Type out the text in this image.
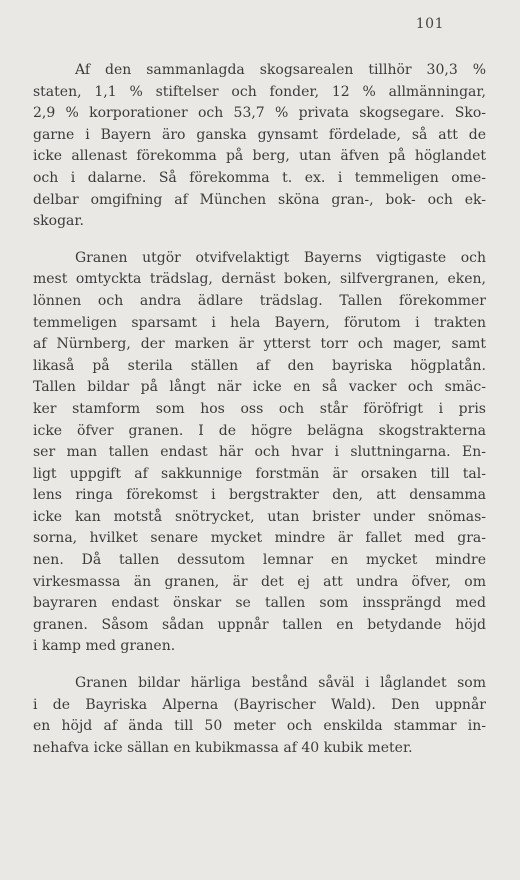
101
Af den sammanlagda skogsarealen tillhör 30,3 %
staten, 1,1 % stiftelser och fonder, 12 % allmänningar,
2,9 % korporationer och 53,7 % privata skogsegare. Sko-
garne i Bayern äro ganska gynsamt fördelade, så att de
icke allenast förekomma på berg, utan äfven på höglandet
och i dalarne. Så förekomma t. ex. i temmeligen ome-
delbar omgifning af München sköna gran-, bok- och ek-
skogar.
Granen utgör otvifvelaktigt Bayerns vigtigaste och
mest omtyckta trädslag, dernäst boken, silfvergranen, eken,
lönnen och andra ädlare trädslag. Tallen förekommer
temmeligen sparsamt i hela Bayern, förutom i trakten
af Nürnberg, der marken är ytterst torr och mager, samt
likaså på sterila ställen af den bayriska högplatån.
Tallen bildar på långt när icke en så vacker och smäc-
ker stamform som hos oss och står föröfrigt i pris
icke öfver granen. I de högre belägna skogstrakterna
ser man tallen endast här och hvar i sluttningarna. En-
ligt uppgift af sakkunnige forstmän är orsaken till tal-
lens ringa förekomst i bergstrakter den, att densamma
icke kan motstå snötrycket, utan brister under snömas-
sorna, hvilket senare mycket mindre är fallet med gra-
nen. Då tallen dessutom lemnar en mycket mindre
virkesmassa än granen, är det ej att undra öfver, om
bayraren endast önskar se tallen som inssprängd med
granen. Såsom sådan uppnår tallen en betydande höjd
i kamp med granen.
Granen bildar härliga bestånd såväl i låglandet som
i de Bayriska Alperna (Bayrischer Wald). Den uppnår
en höjd af ända till 50 meter och enskilda stammar in-
nehafva icke sällan en kubikmassa af 40 kubik meter.
